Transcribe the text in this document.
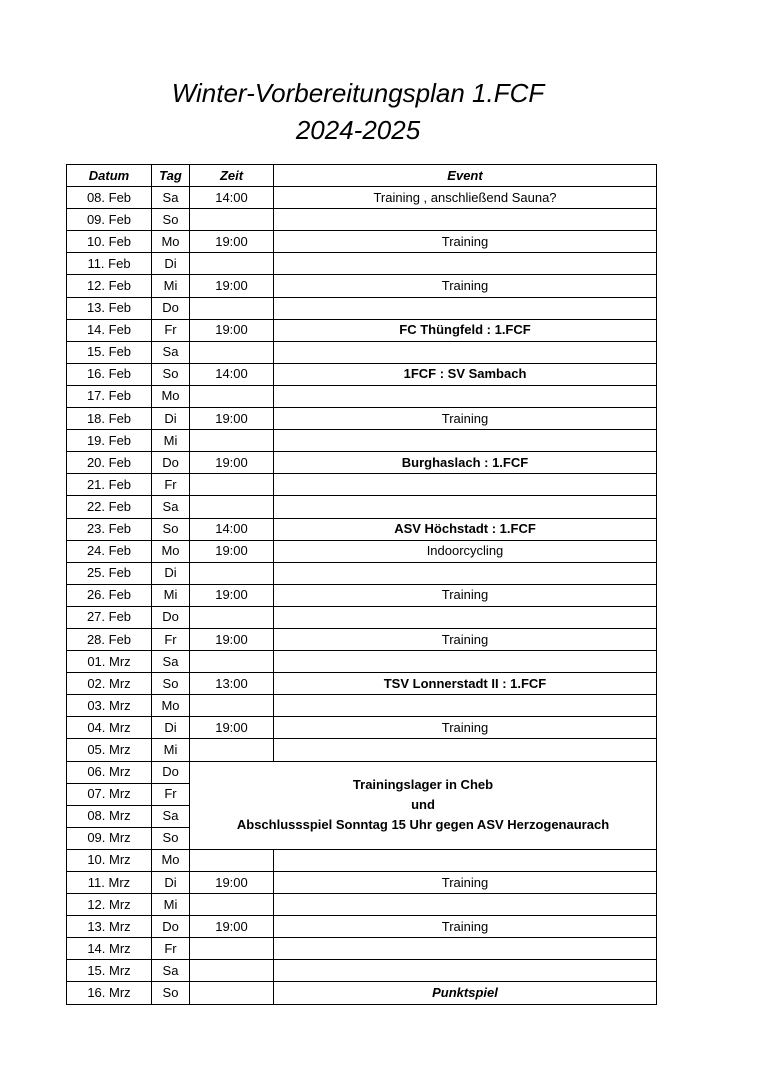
Winter-Vorbereitungsplan 1.FCF
2024-2025
Datum	Tag	Zeit	Event
08. Feb	Sa	14:00	Training , anschließend Sauna?
09. Feb	So		
10. Feb	Mo	19:00	Training
11. Feb	Di		
12. Feb	Mi	19:00	Training
13. Feb	Do		
14. Feb	Fr	19:00	FC Thüngfeld : 1.FCF
15. Feb	Sa		
16. Feb	So	14:00	1FCF : SV Sambach
17. Feb	Mo		
18. Feb	Di	19:00	Training
19. Feb	Mi		
20. Feb	Do	19:00	Burghaslach : 1.FCF
21. Feb	Fr		
22. Feb	Sa		
23. Feb	So	14:00	ASV Höchstadt : 1.FCF
24. Feb	Mo	19:00	Indoorcycling
25. Feb	Di		
26. Feb	Mi	19:00	Training
27. Feb	Do		
28. Feb	Fr	19:00	Training
01. Mrz	Sa		
02. Mrz	So	13:00	TSV Lonnerstadt II : 1.FCF
03. Mrz	Mo		
04. Mrz	Di	19:00	Training
05. Mrz	Mi		
06. Mrz	Do	Trainingslager in Cheb
und
Abschlussspiel Sonntag 15 Uhr gegen ASV Herzogenaurach	

07. Mrz	Fr		
08. Mrz	Sa		
09. Mrz	So		
10. Mrz	Mo		
11. Mrz	Di	19:00	Training
12. Mrz	Mi		
13. Mrz	Do	19:00	Training
14. Mrz	Fr		
15. Mrz	Sa		
16. Mrz	So		Punktspiel
